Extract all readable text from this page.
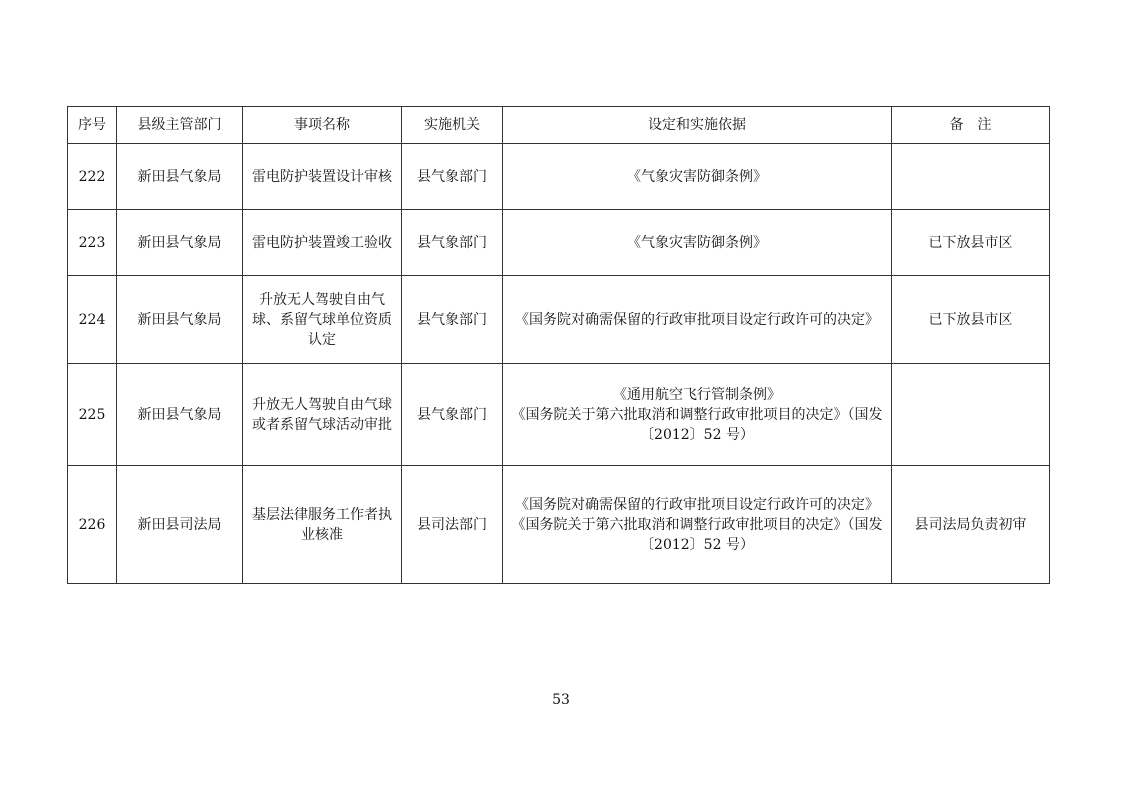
序号	县级主管部门	事项名称	实施机关	设定和实施依据	备　注
222	新田县气象局	雷电防护装置设计审核	县气象部门	《气象灾害防御条例》	

223	新田县气象局	雷电防护装置竣工验收	县气象部门	《气象灾害防御条例》	已下放县市区
224	新田县气象局	升放无人驾驶自由气球、系留气球单位资质认定	县气象部门	《国务院对确需保留的行政审批项目设定行政许可的决定》	已下放县市区
225	新田县气象局	升放无人驾驶自由气球或者系留气球活动审批	县气象部门	《通用航空飞行管制条例》
《国务院关于第六批取消和调整行政审批项目的决定》（国发〔2012〕52 号）	

226	新田县司法局	基层法律服务工作者执业核准	县司法部门	《国务院对确需保留的行政审批项目设定行政许可的决定》
《国务院关于第六批取消和调整行政审批项目的决定》（国发〔2012〕52 号）	县司法局负责初审
53
